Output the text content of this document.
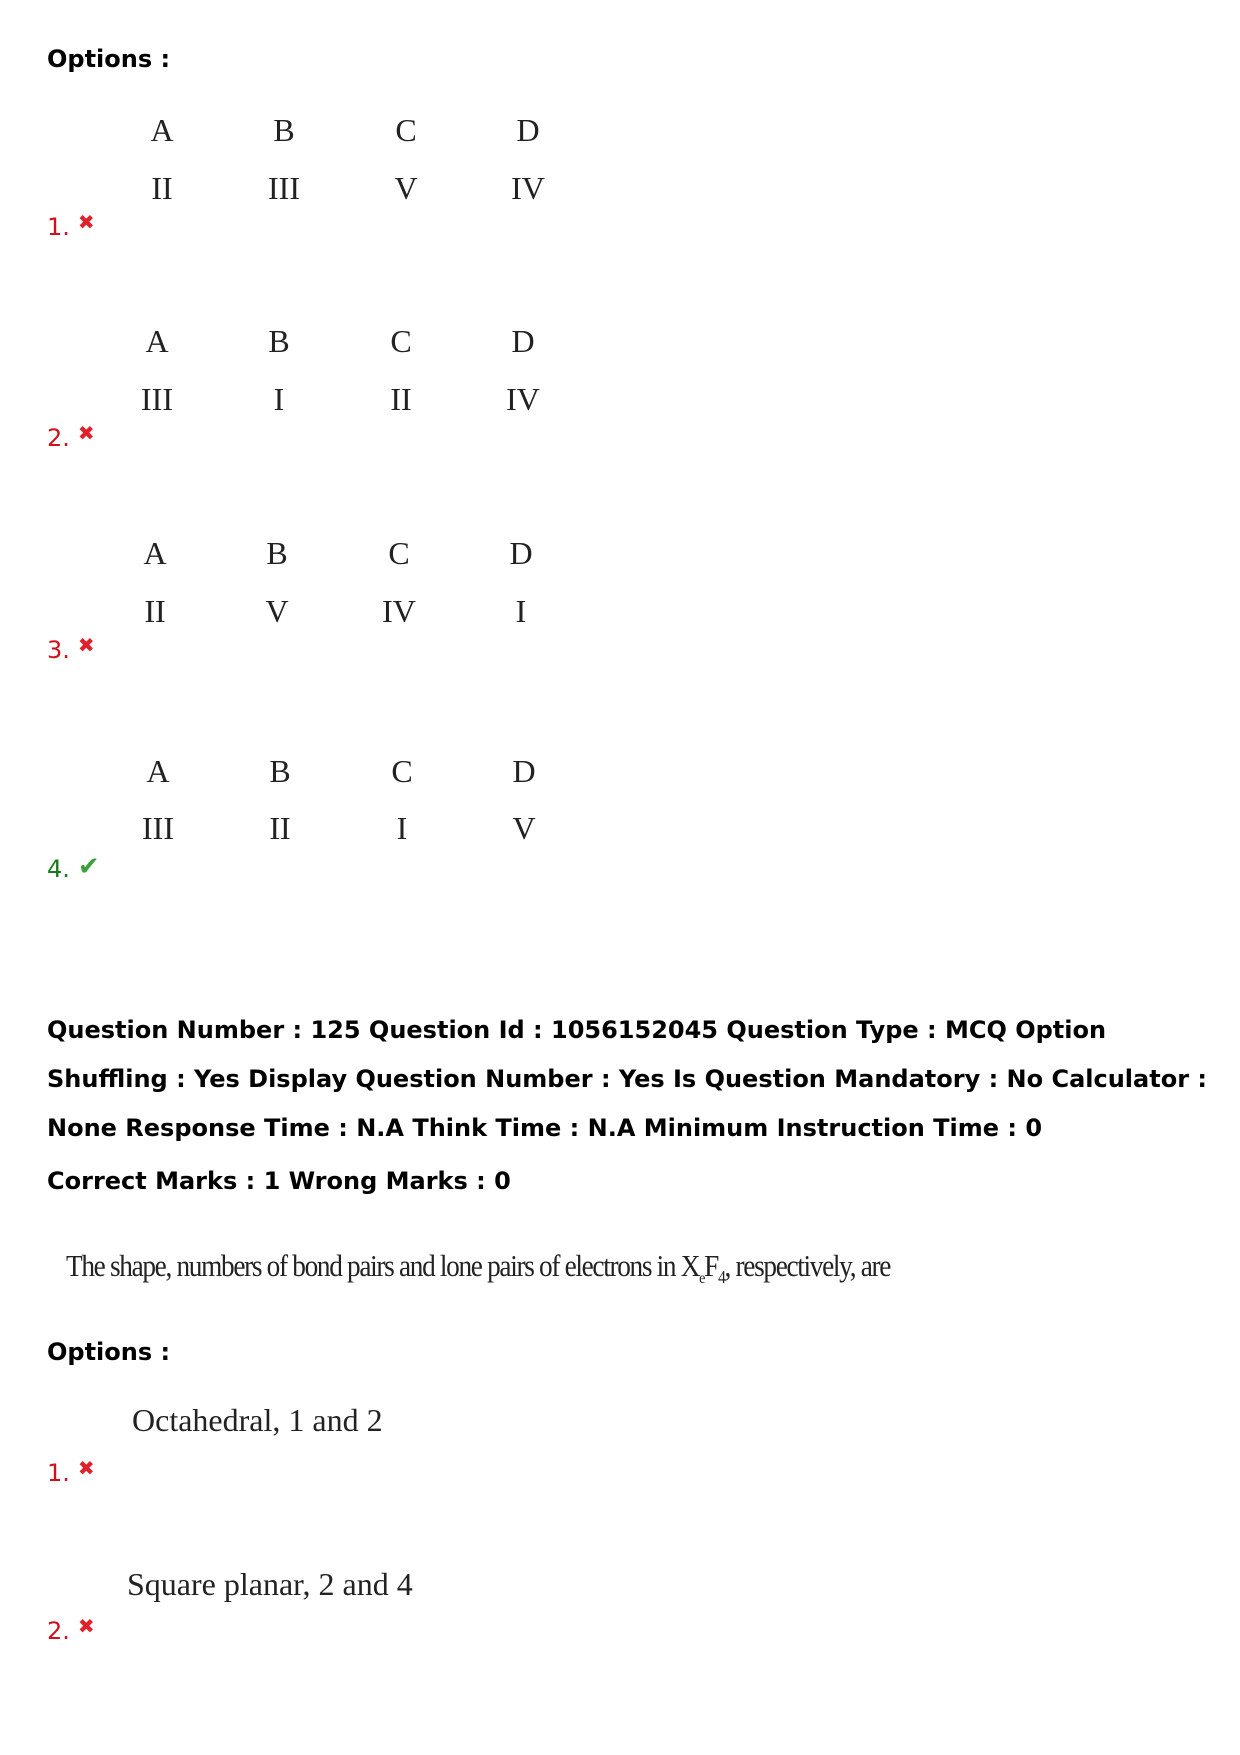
Options :
A	B	C	D
II	III	V	IV
1. ✖
A	B	C	D
III	I	II	IV
2. ✖
A	B	C	D
II	V	IV	I
3. ✖
A	B	C	D
III	II	I	V
4. ✔
Question Number : 125 Question Id : 1056152045 Question Type : MCQ Option Shuffling : Yes Display Question Number : Yes Is Question Mandatory : No Calculator : None Response Time : N.A Think Time : N.A Minimum Instruction Time : 0
Correct Marks : 1 Wrong Marks : 0
The shape, numbers of bond pairs and lone pairs of electrons in $X_eF_4$, respectively, are
Options :
Octahedral, 1 and 2
1. ✖
Square planar, 2 and 4
2. ✖
